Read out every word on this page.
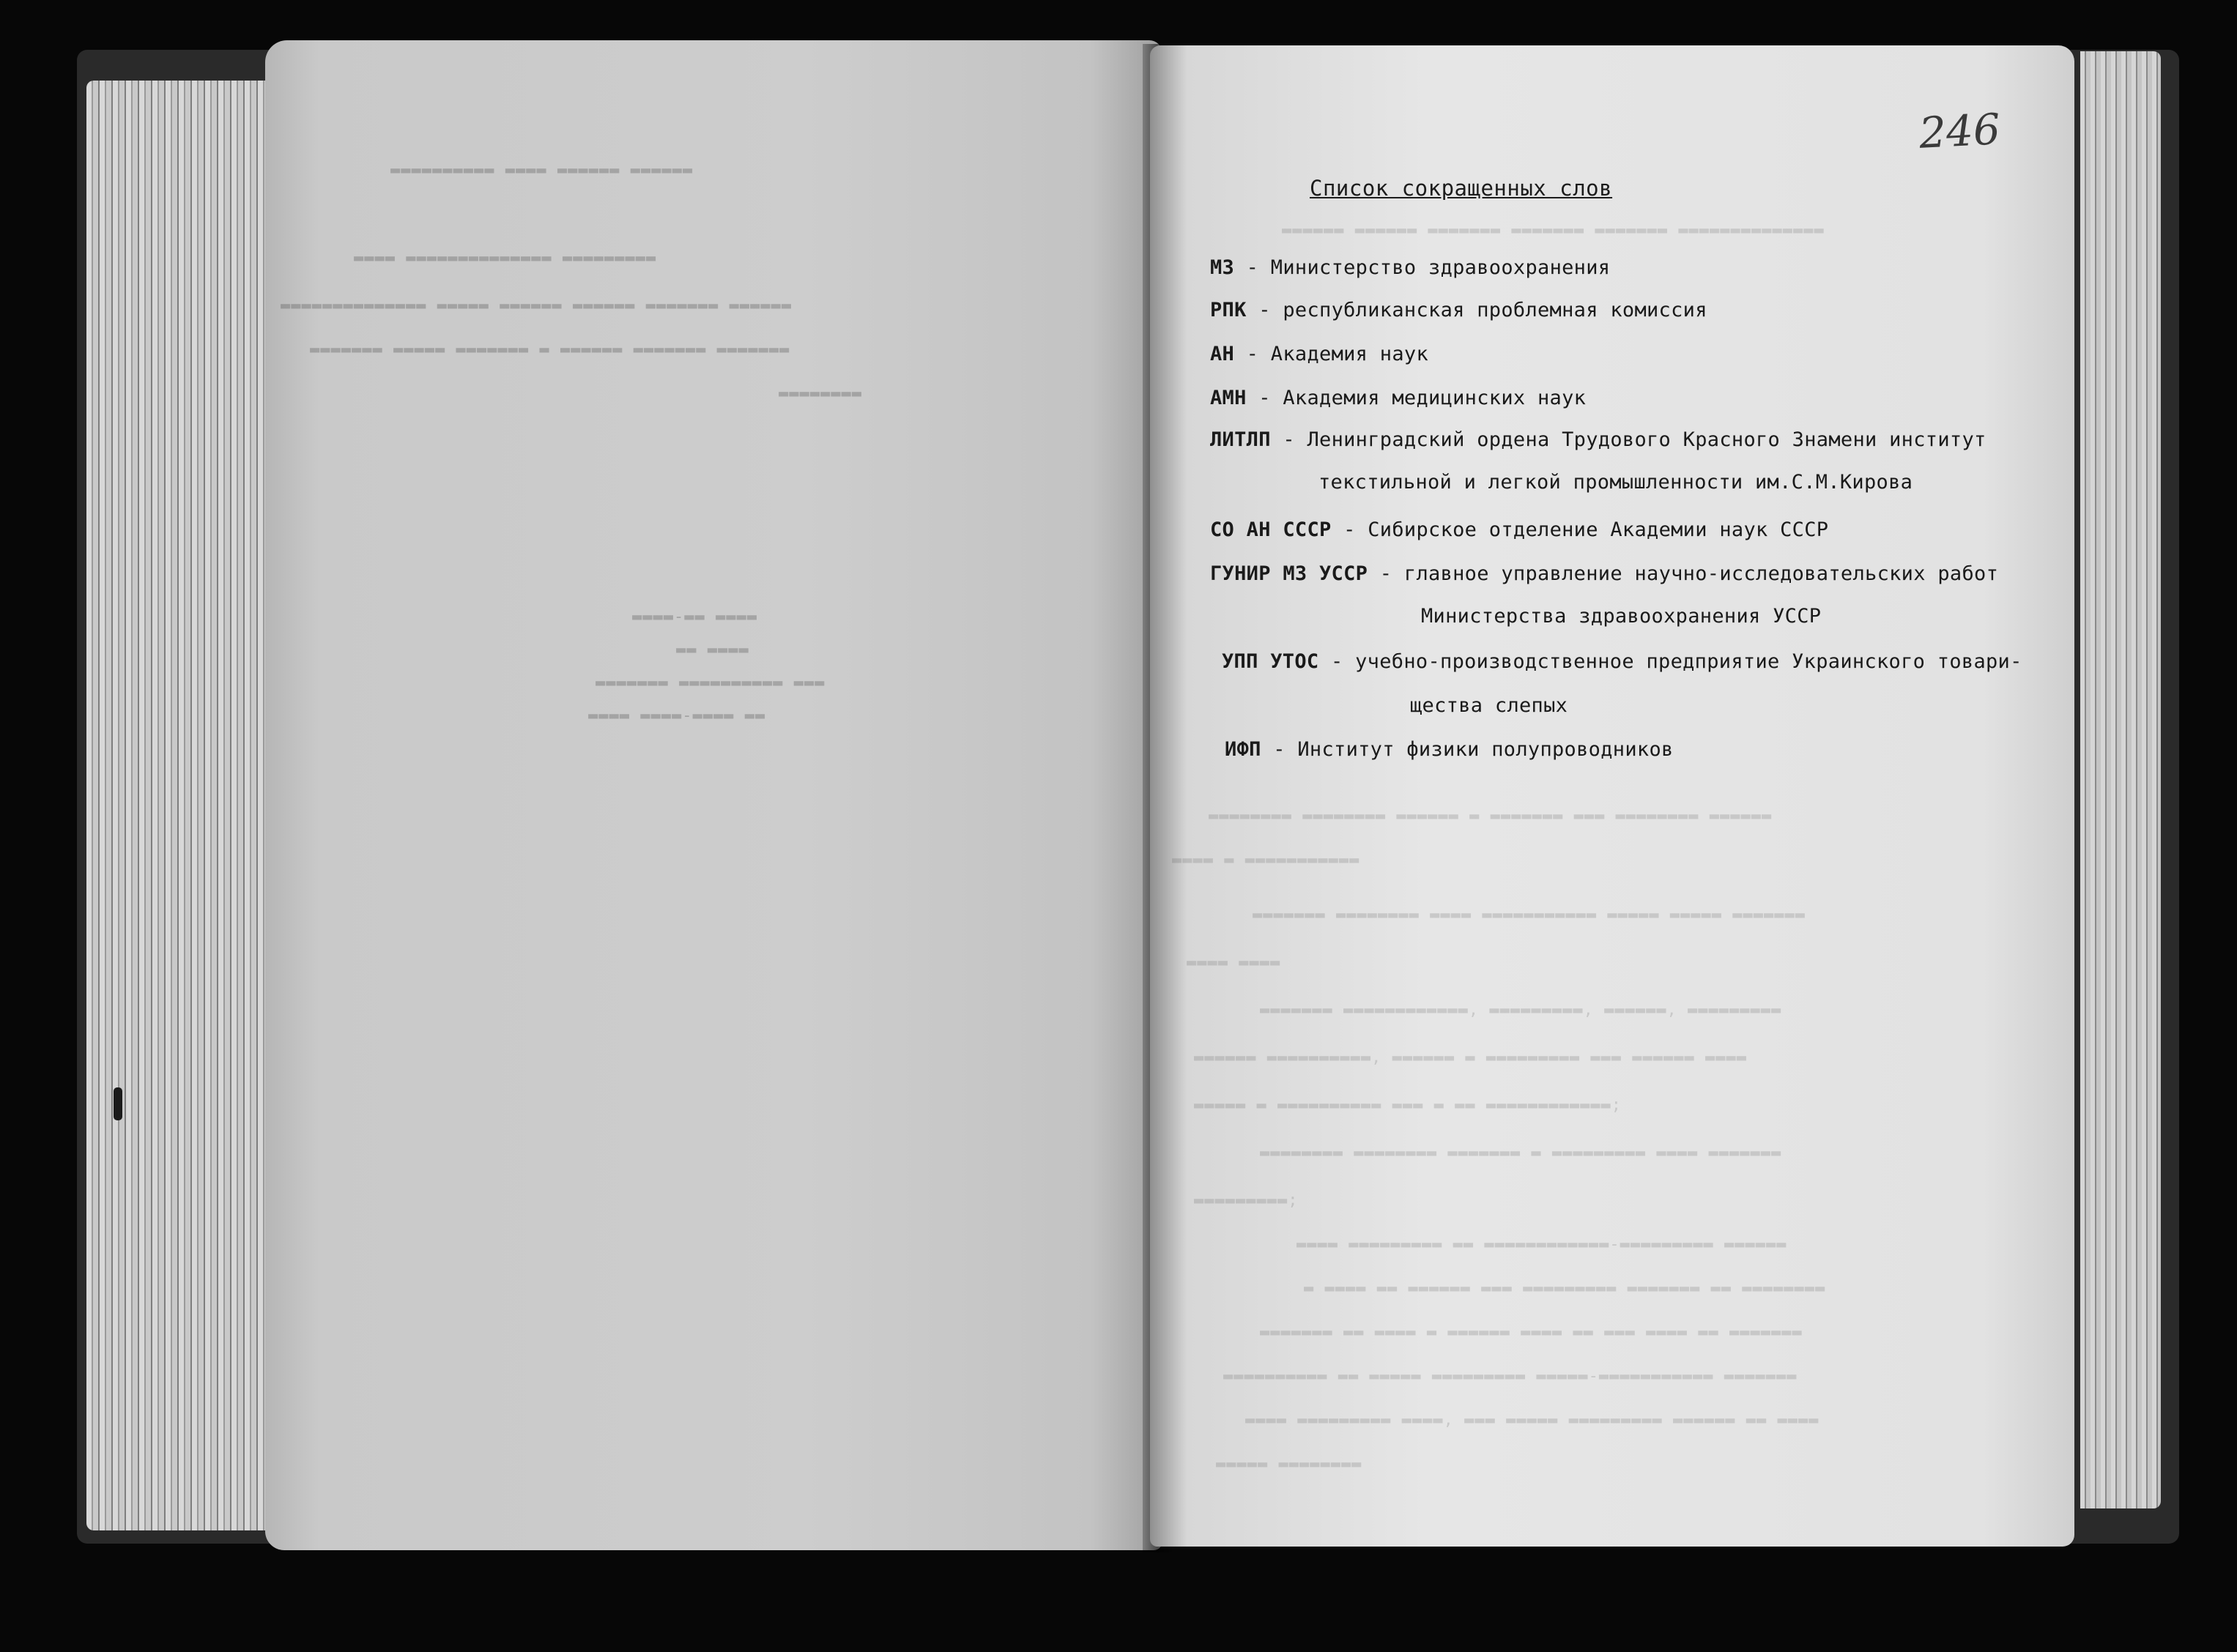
▬▬▬▬▬▬ ▬▬▬▬▬▬ ▬▬▬▬ ▬▬▬▬▬▬▬▬▬▬
▬▬▬▬▬▬▬▬▬ ▬▬▬▬▬▬▬▬▬▬▬▬▬▬ ▬▬▬▬
▬▬▬▬▬▬ ▬▬▬▬▬▬▬ ▬▬▬▬▬▬ ▬▬▬▬▬▬ ▬▬▬▬▬ ▬▬▬▬▬▬▬▬▬▬▬▬▬▬
▬▬▬▬▬▬▬ ▬▬▬▬▬▬▬ ▬▬▬▬▬▬ ▬ ▬▬▬▬▬▬▬ ▬▬▬▬▬ ▬▬▬▬▬▬▬
▬▬▬▬▬▬▬▬
▬▬▬▬ ▬▬-▬▬▬▬
▬▬▬▬ ▬▬
▬▬▬ ▬▬▬▬▬▬▬▬▬▬ ▬▬▬▬▬▬▬
▬▬ ▬▬▬▬-▬▬▬▬ ▬▬▬▬
▬▬▬▬▬▬ ▬▬▬▬▬▬ ▬▬▬▬▬▬▬ ▬▬▬▬▬▬▬ ▬▬▬▬▬▬▬ ▬▬▬▬▬▬▬▬▬▬▬▬▬▬
▬▬▬▬▬▬▬▬ ▬▬▬▬▬▬▬▬ ▬▬▬▬▬▬ ▬ ▬▬▬▬▬▬▬ ▬▬▬ ▬▬▬▬▬▬▬▬ ▬▬▬▬▬▬
▬▬▬▬ ▬ ▬▬▬▬▬▬▬▬▬▬▬
▬▬▬▬▬▬▬ ▬▬▬▬▬▬▬▬ ▬▬▬▬ ▬▬▬▬▬▬▬▬▬▬▬ ▬▬▬▬▬ ▬▬▬▬▬ ▬▬▬▬▬▬▬
▬▬▬▬ ▬▬▬▬
▬▬▬▬▬▬▬ ▬▬▬▬▬▬▬▬▬▬▬▬, ▬▬▬▬▬▬▬▬▬, ▬▬▬▬▬▬, ▬▬▬▬▬▬▬▬▬
▬▬▬▬▬▬ ▬▬▬▬▬▬▬▬▬▬, ▬▬▬▬▬▬ ▬ ▬▬▬▬▬▬▬▬▬ ▬▬▬ ▬▬▬▬▬▬ ▬▬▬▬
▬▬▬▬▬ ▬ ▬▬▬▬▬▬▬▬▬▬ ▬▬▬ ▬ ▬▬ ▬▬▬▬▬▬▬▬▬▬▬▬;
▬▬▬▬▬▬▬▬ ▬▬▬▬▬▬▬▬ ▬▬▬▬▬▬▬ ▬ ▬▬▬▬▬▬▬▬▬ ▬▬▬▬ ▬▬▬▬▬▬▬
▬▬▬▬▬▬▬▬▬;
▬▬▬▬ ▬▬▬▬▬▬▬▬▬ ▬▬ ▬▬▬▬▬▬▬▬▬▬▬▬-▬▬▬▬▬▬▬▬▬ ▬▬▬▬▬▬
▬ ▬▬▬▬ ▬▬ ▬▬▬▬▬▬ ▬▬▬ ▬▬▬▬▬▬▬▬▬ ▬▬▬▬▬▬▬ ▬▬ ▬▬▬▬▬▬▬▬
▬▬▬▬▬▬▬ ▬▬ ▬▬▬▬ ▬ ▬▬▬▬▬▬ ▬▬▬▬ ▬▬ ▬▬▬ ▬▬▬▬ ▬▬ ▬▬▬▬▬▬▬
▬▬▬▬▬▬▬▬▬▬ ▬▬ ▬▬▬▬▬ ▬▬▬▬▬▬▬▬▬ ▬▬▬▬▬-▬▬▬▬▬▬▬▬▬▬▬ ▬▬▬▬▬▬▬
▬▬▬▬ ▬▬▬▬▬▬▬▬▬ ▬▬▬▬, ▬▬▬ ▬▬▬▬▬ ▬▬▬▬▬▬▬▬▬ ▬▬▬▬▬▬ ▬▬ ▬▬▬▬
▬▬▬▬▬ ▬▬▬▬▬▬▬▬
246
Список сокращенных слов
МЗ - Министерство здравоохранения
РПК - республиканская проблемная комиссия
АН - Академия наук
АМН - Академия медицинских наук
ЛИТЛП - Ленинградский ордена Трудового Красного Знамени институт
текстильной и легкой промышленности им.С.М.Кирова
СО АН СССР - Сибирское отделение Академии наук СССР
ГУНИР МЗ УССР - главное управление научно-исследовательских работ
Министерства здравоохранения УССР
УПП УТОС - учебно-производственное предприятие Украинского товари-
щества слепых
ИФП - Институт физики полупроводников
